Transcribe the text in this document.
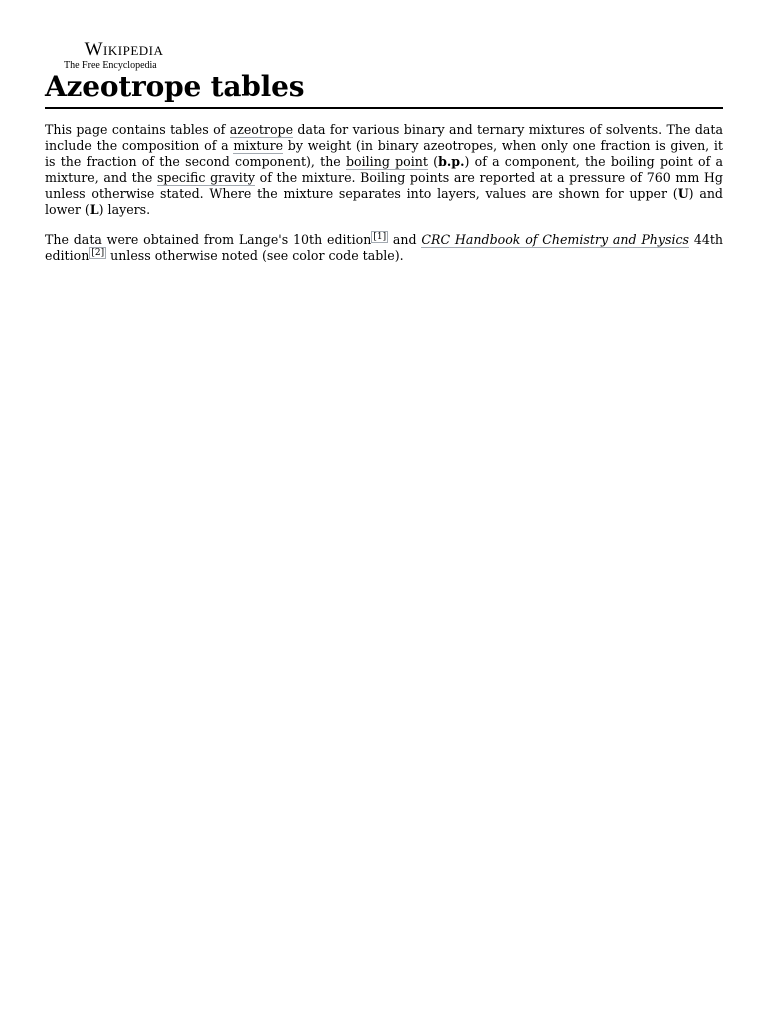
Wikipedia
The Free Encyclopedia
Azeotrope tables

This page contains tables of azeotrope data for various binary and ternary mixtures of solvents. The data include the composition of a mixture by weight (in binary azeotropes, when only one fraction is given, it is the fraction of the second component), the boiling point (b.p.) of a component, the boiling point of a mixture, and the specific gravity of the mixture. Boiling points are reported at a pressure of 760 mm Hg unless otherwise stated. Where the mixture separates into layers, values are shown for upper (U) and lower (L) layers.

The data were obtained from Lange's 10th edition [1] and CRC Handbook of Chemistry and Physics 44th edition [2] unless otherwise noted (see color code table).
